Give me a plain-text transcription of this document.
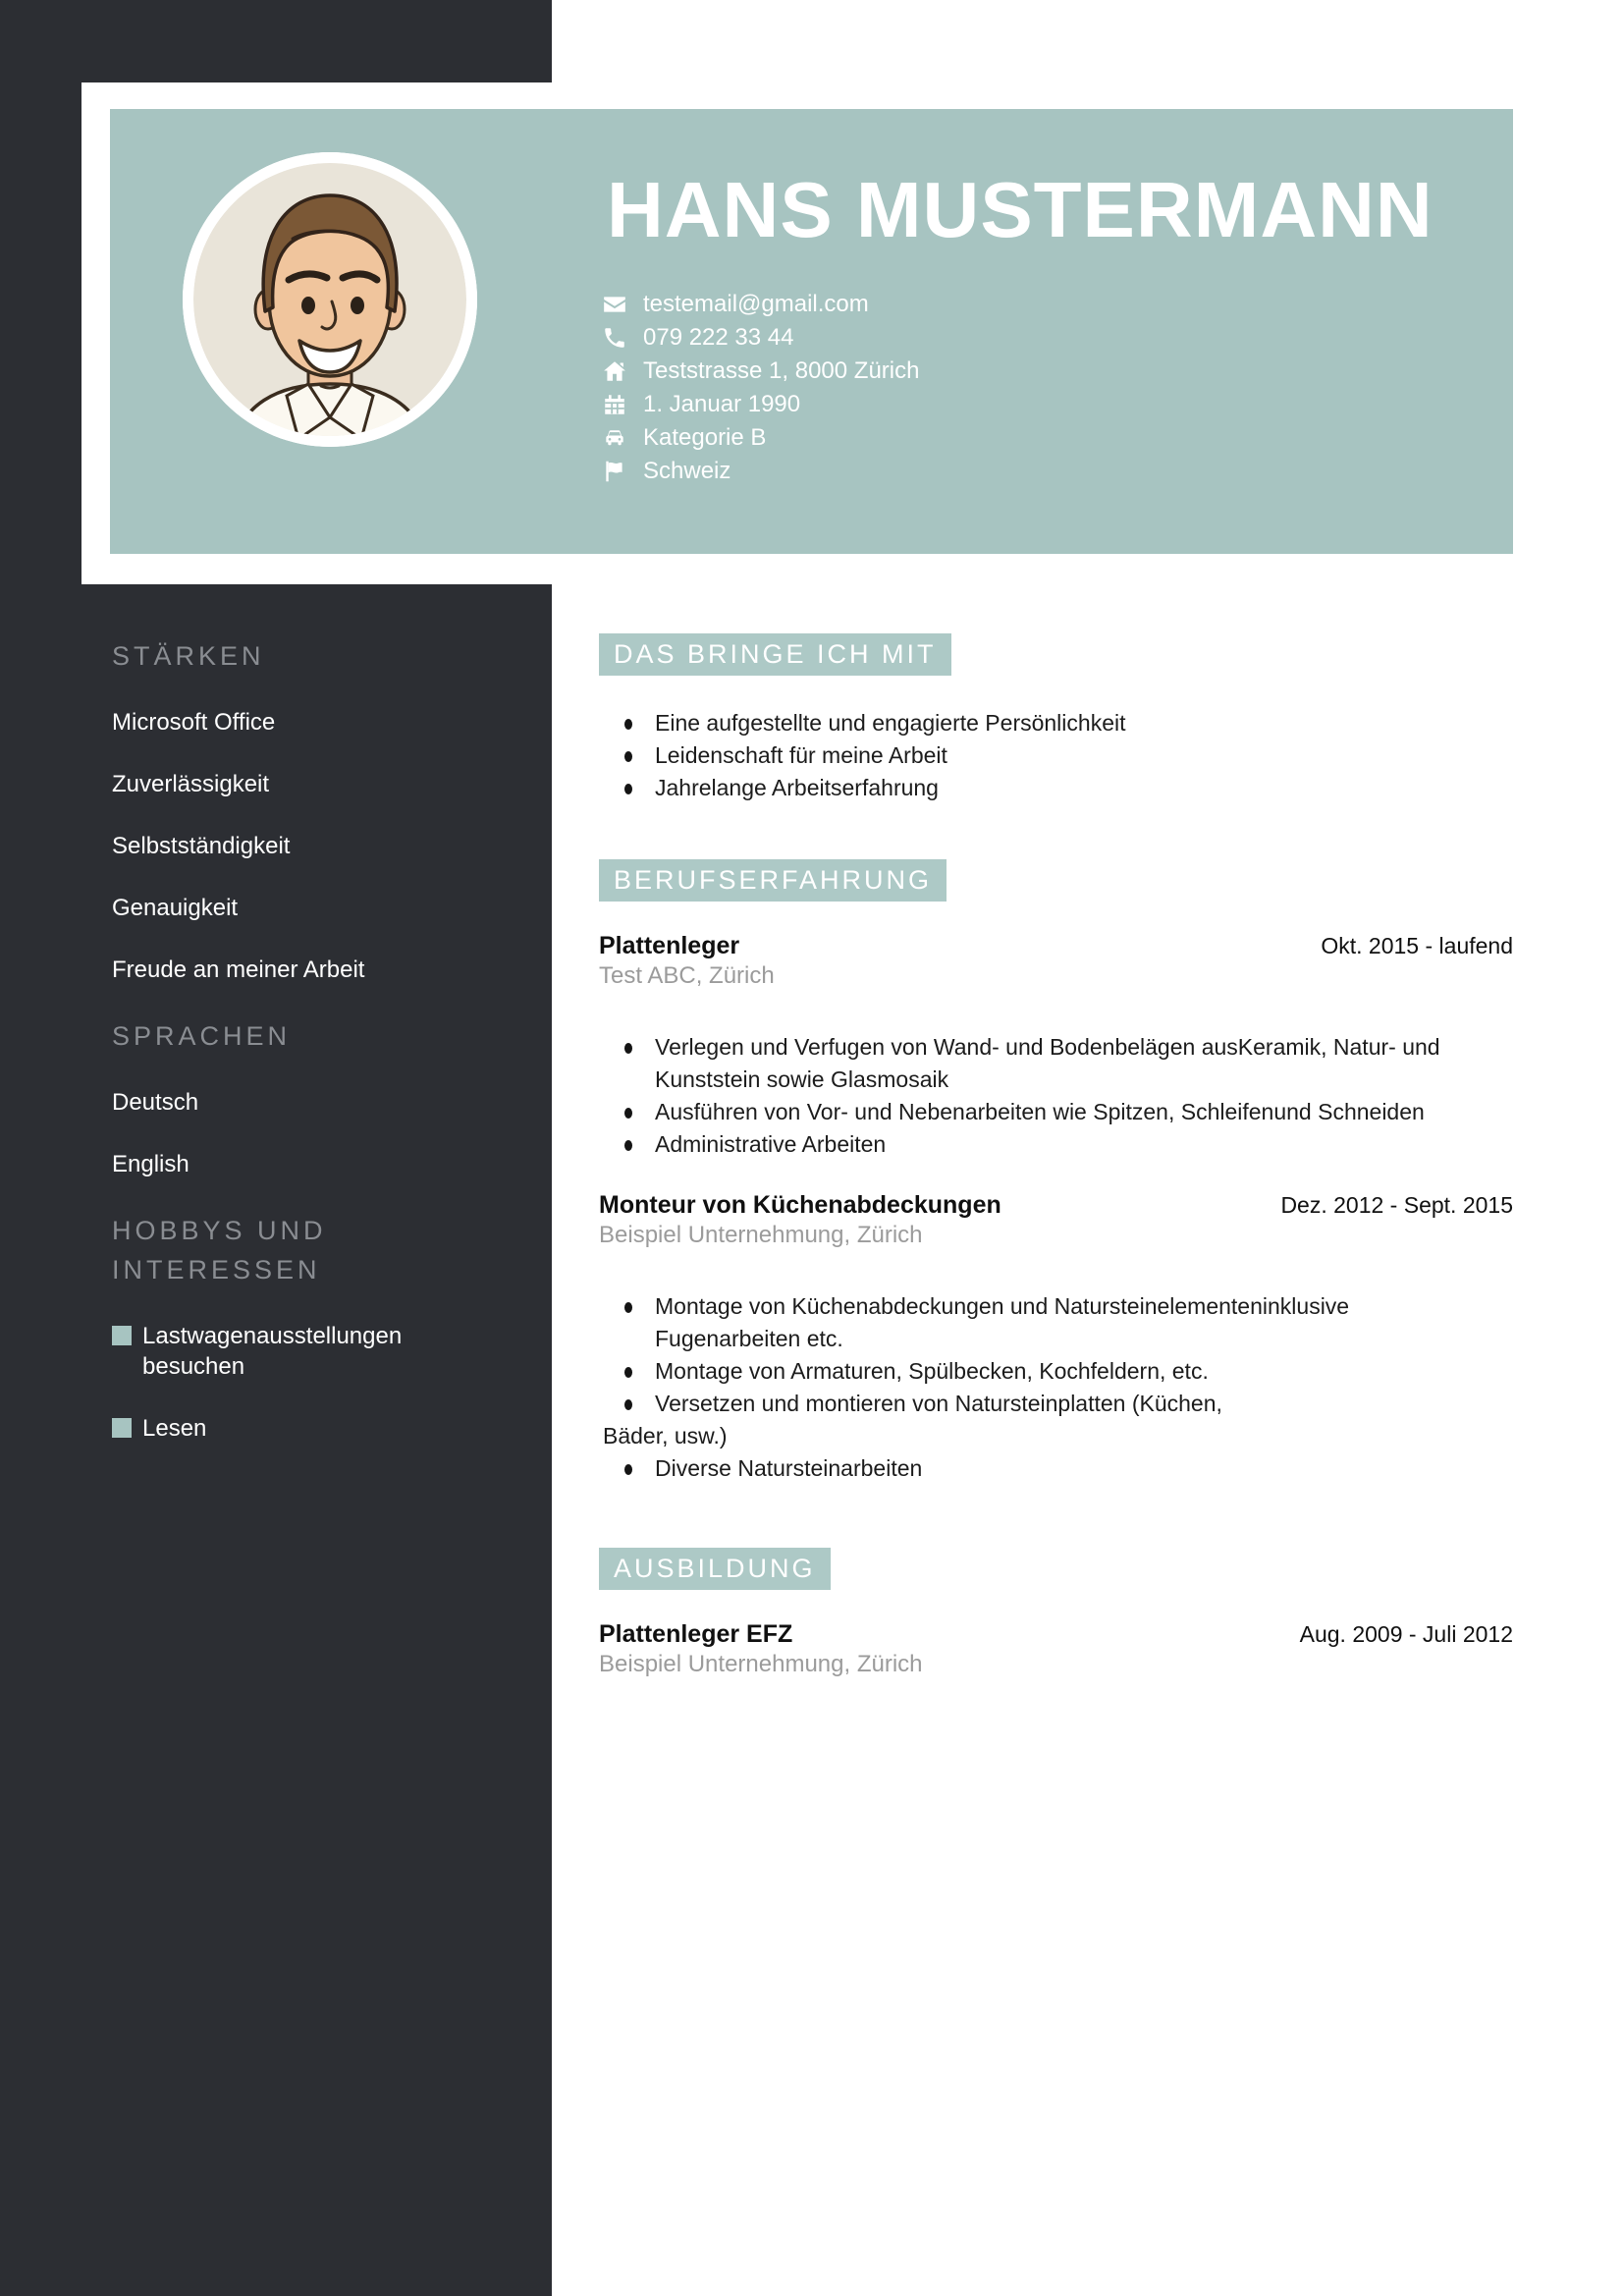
HANS MUSTERMANN
testemail@gmail.com
079 222 33 44
Teststrasse 1, 8000 Zürich
1. Januar 1990
Kategorie B
Schweiz
STÄRKEN
Microsoft Office
Zuverlässigkeit
Selbstständigkeit
Genauigkeit
Freude an meiner Arbeit
SPRACHEN
Deutsch
English
HOBBYS UND INTERESSEN
Lastwagenausstellungen besuchen
Lesen
DAS BRINGE ICH MIT
Eine aufgestellte und engagierte Persönlichkeit
Leidenschaft für meine Arbeit
Jahrelange Arbeitserfahrung
BERUFSERFAHRUNG
Plattenleger	Okt. 2015 - laufend
Test ABC, Zürich
Verlegen und Verfugen von Wand- und Bodenbelägen ausKeramik, Natur- und Kunststein sowie Glasmosaik
Ausführen von Vor- und Nebenarbeiten wie Spitzen, Schleifenund Schneiden
Administrative Arbeiten
Monteur von Küchenabdeckungen	Dez. 2012 - Sept. 2015
Beispiel Unternehmung, Zürich
Montage von Küchenabdeckungen und Natursteinelementeninklusive Fugenarbeiten etc.
Montage von Armaturen, Spülbecken, Kochfeldern, etc.
Versetzen und montieren von Natursteinplatten (Küchen,
Bäder, usw.)
Diverse Natursteinarbeiten
AUSBILDUNG
Plattenleger EFZ	Aug. 2009 - Juli 2012
Beispiel Unternehmung, Zürich
